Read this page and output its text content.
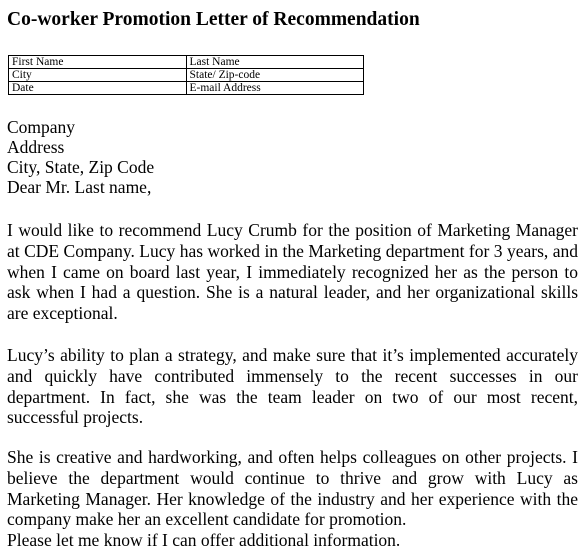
Co-worker Promotion Letter of Recommendation
First Name	Last Name
City	State/ Zip-code
Date	E-mail Address
Company
Address
City, State, Zip Code
Dear Mr. Last name,

I would like to recommend Lucy Crumb for the position of Marketing Manager at CDE Company. Lucy has worked in the Marketing department for 3 years, and when I came on board last year, I immediately recognized her as the person to ask when I had a question. She is a natural leader, and her organizational skills are exceptional.

Lucy’s ability to plan a strategy, and make sure that it’s implemented accurately and quickly have contributed immensely to the recent successes in our department. In fact, she was the team leader on two of our most recent, successful projects.

She is creative and hardworking, and often helps colleagues on other projects. I believe the department would continue to thrive and grow with Lucy as Marketing Manager. Her knowledge of the industry and her experience with the company make her an excellent candidate for promotion.
Please let me know if I can offer additional information.
